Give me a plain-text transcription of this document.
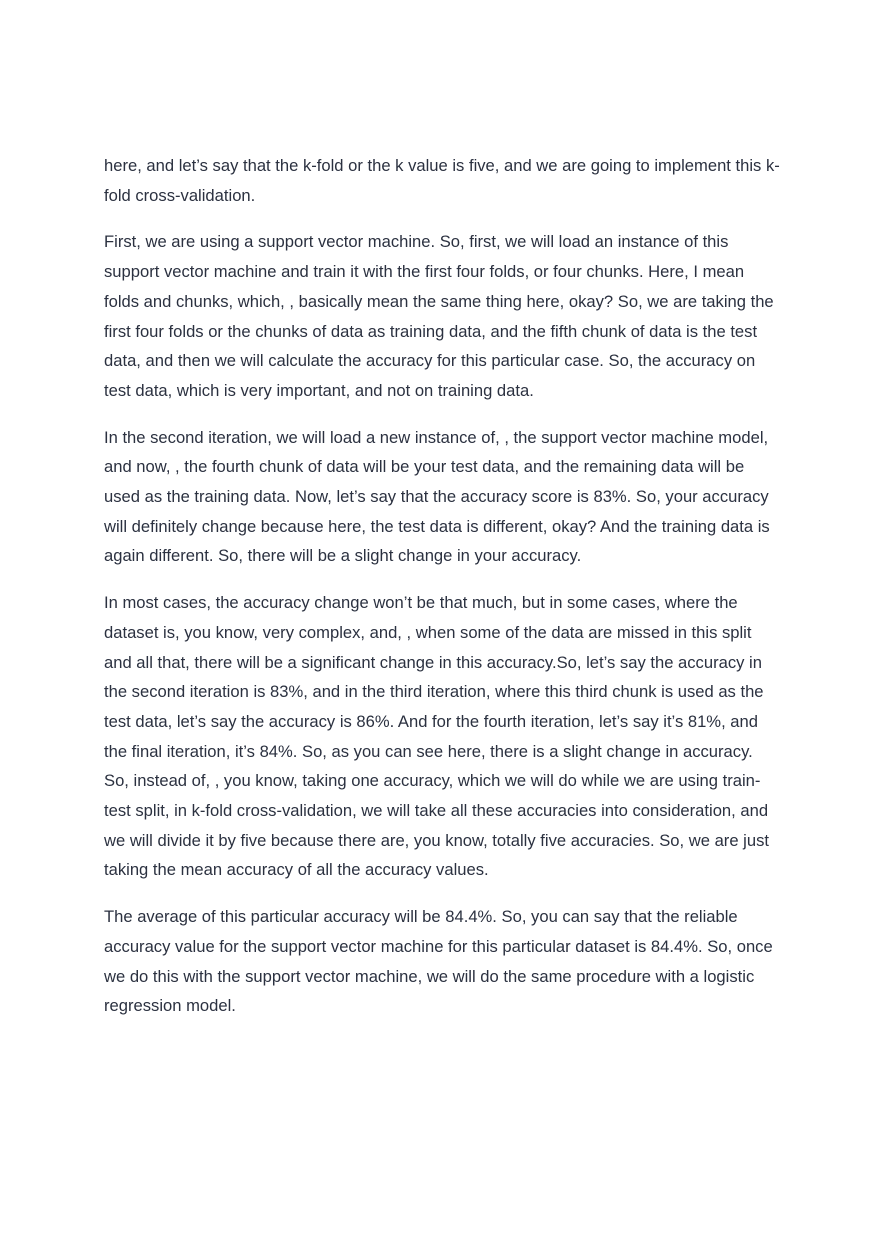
here, and let’s say that the k-fold or the k value is five, and we are going to implement this k-fold cross-validation.

First, we are using a support vector machine. So, first, we will load an instance of this support vector machine and train it with the first four folds, or four chunks. Here, I mean folds and chunks, which, , basically mean the same thing here, okay? So, we are taking the first four folds or the chunks of data as training data, and the fifth chunk of data is the test data, and then we will calculate the accuracy for this particular case. So, the accuracy on test data, which is very important, and not on training data.

In the second iteration, we will load a new instance of, , the support vector machine model, and now, , the fourth chunk of data will be your test data, and the remaining data will be used as the training data. Now, let’s say that the accuracy score is 83%. So, your accuracy will definitely change because here, the test data is different, okay? And the training data is again different. So, there will be a slight change in your accuracy.

In most cases, the accuracy change won’t be that much, but in some cases, where the dataset is, you know, very complex, and, , when some of the data are missed in this split and all that, there will be a significant change in this accuracy.So, let’s say the accuracy in the second iteration is 83%, and in the third iteration, where this third chunk is used as the test data, let’s say the accuracy is 86%. And for the fourth iteration, let’s say it’s 81%, and the final iteration, it’s 84%. So, as you can see here, there is a slight change in accuracy. So, instead of, , you know, taking one accuracy, which we will do while we are using train-test split, in k-fold cross-validation, we will take all these accuracies into consideration, and we will divide it by five because there are, you know, totally five accuracies. So, we are just taking the mean accuracy of all the accuracy values.

The average of this particular accuracy will be 84.4%. So, you can say that the reliable accuracy value for the support vector machine for this particular dataset is 84.4%. So, once we do this with the support vector machine, we will do the same procedure with a logistic regression model.
